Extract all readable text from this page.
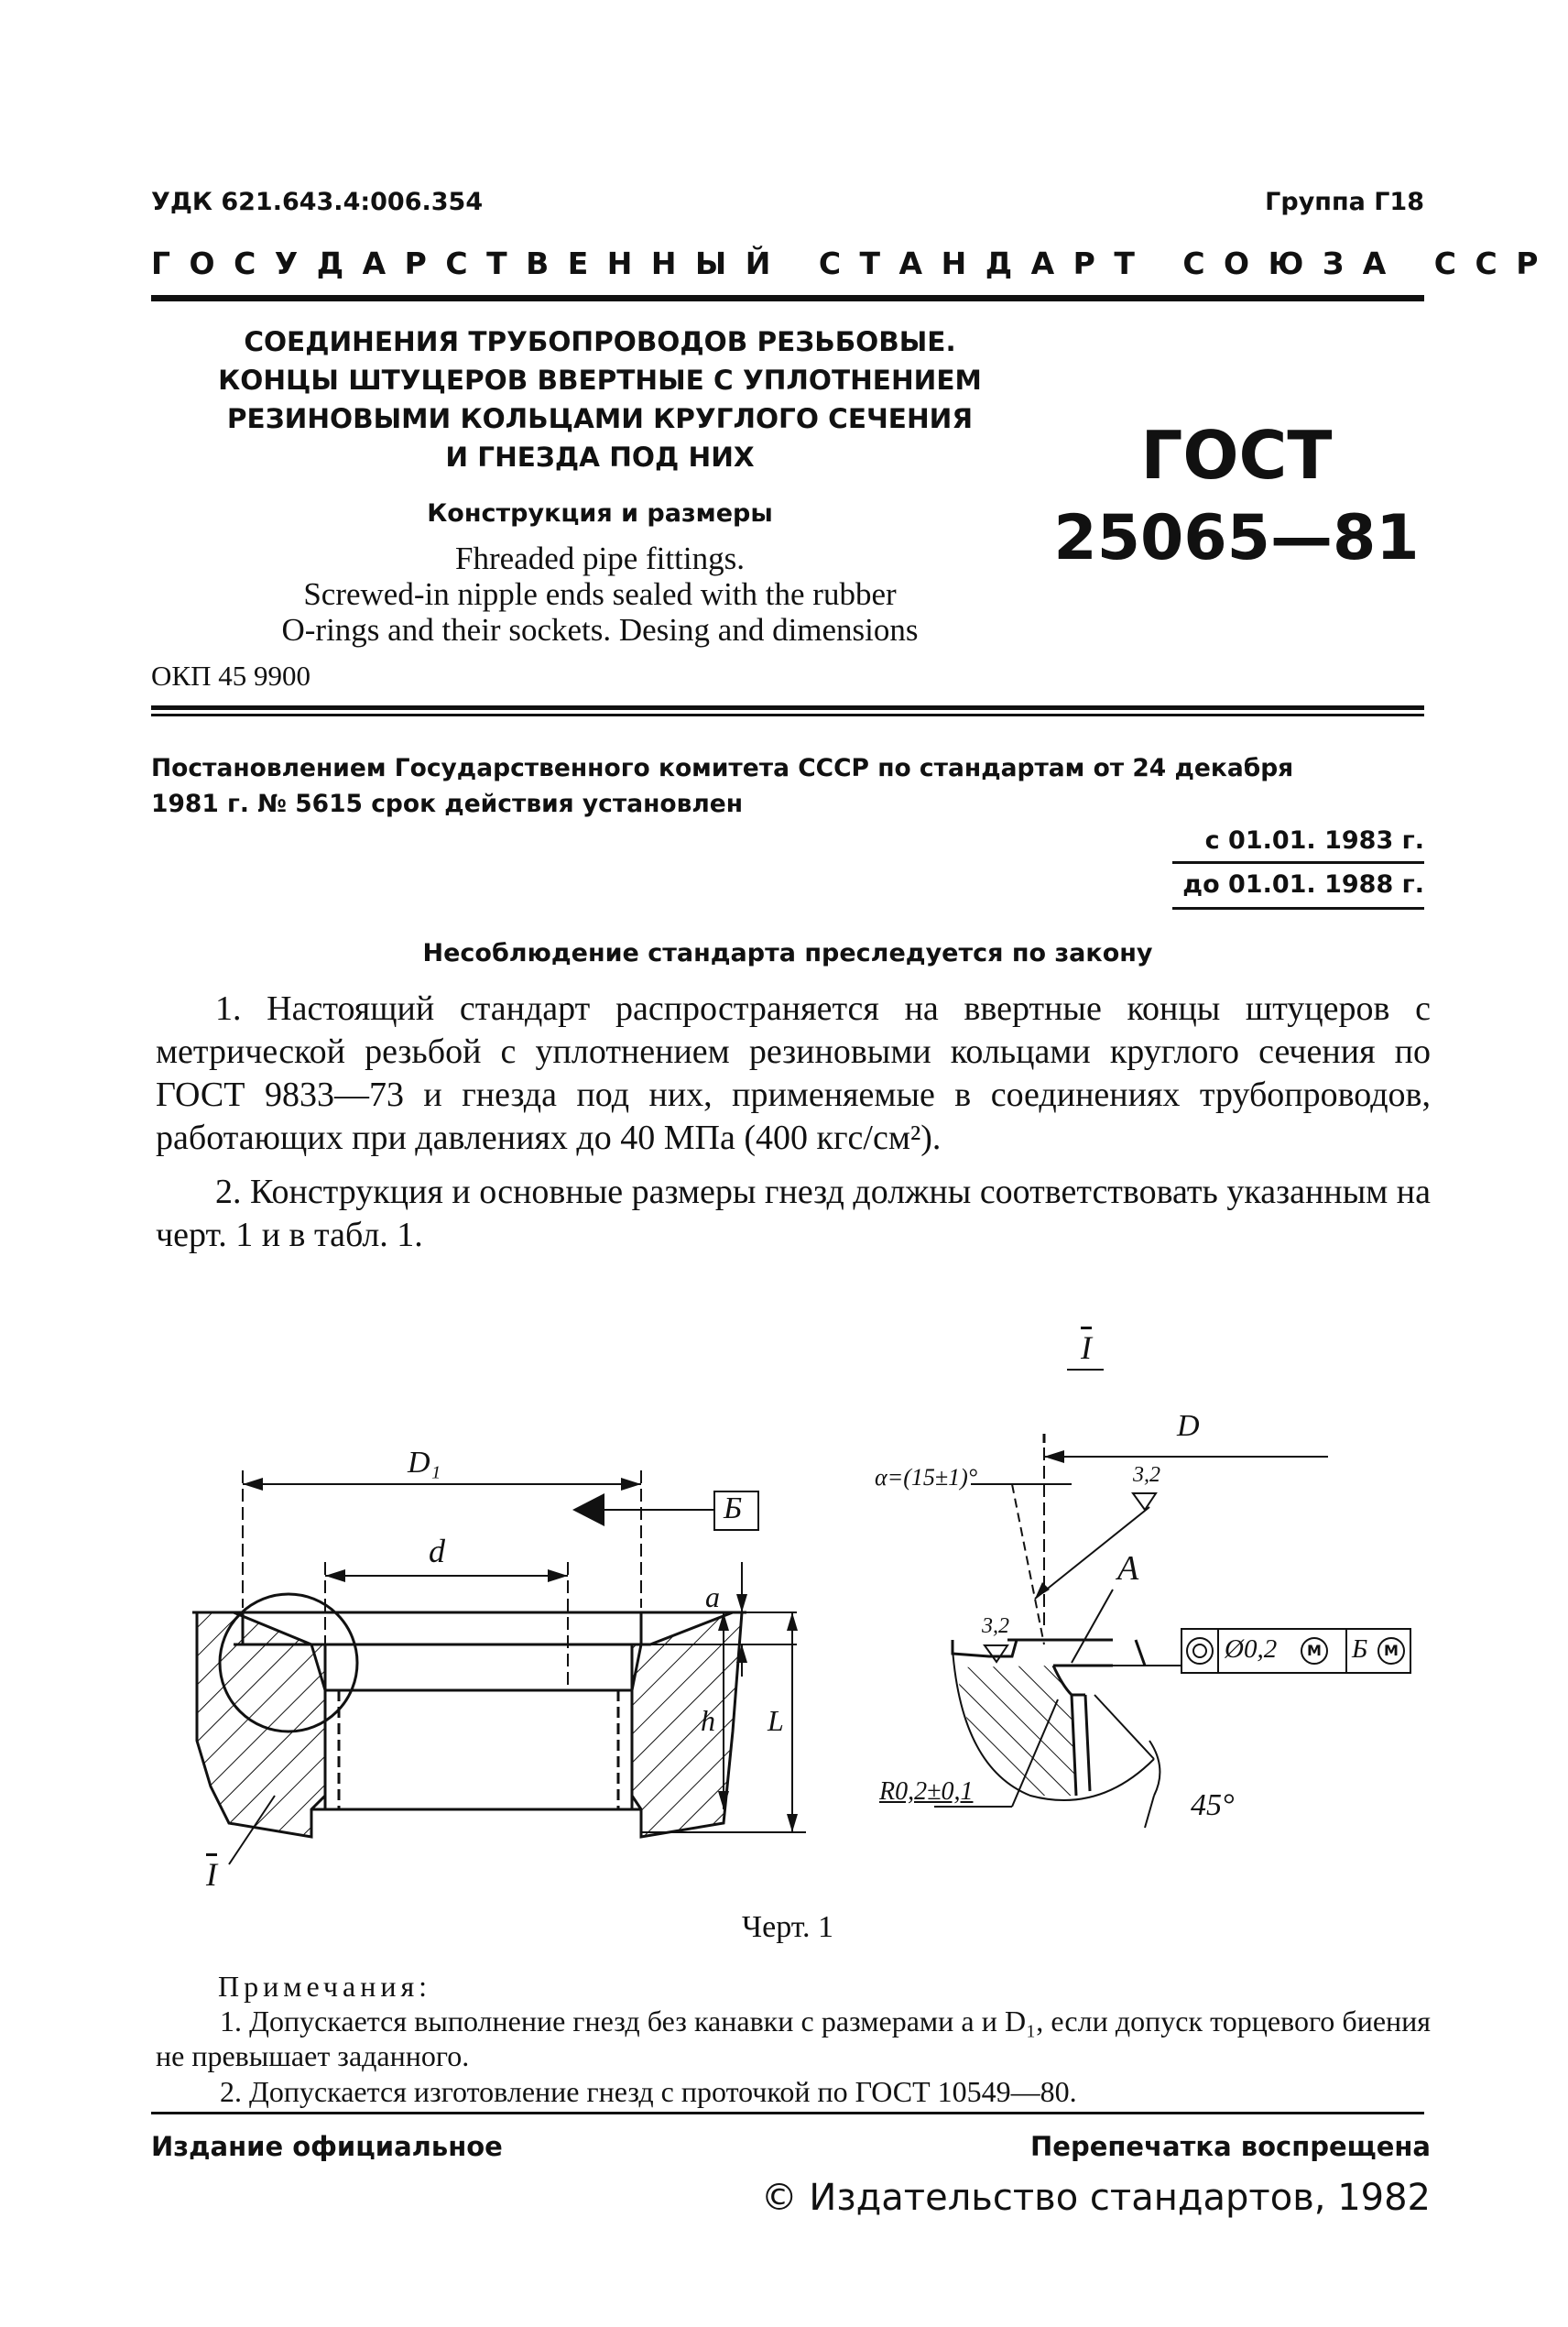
УДК 621.643.4:006.354	Группа Г18
ГОСУДАРСТВЕННЫЙ СТАНДАРТ СОЮЗА ССР
СОЕДИНЕНИЯ ТРУБОПРОВОДОВ РЕЗЬБОВЫЕ.
КОНЦЫ ШТУЦЕРОВ ВВЕРТНЫЕ С УПЛОТНЕНИЕМ
РЕЗИНОВЫМИ КОЛЬЦАМИ КРУГЛОГО СЕЧЕНИЯ
И ГНЕЗДА ПОД НИХ
Конструкция и размеры
Fhreaded pipe fittings.
Screwed-in nipple ends sealed with the rubber
O-rings and their sockets. Desing and dimensions
ОКП 45 9900
ГОСТ
25065—81
Постановлением Государственного комитета СССР по стандартам от 24 декабря
1981 г. № 5615 срок действия установлен
с 01.01. 1983 г.
до 01.01. 1988 г.
Несоблюдение стандарта преследуется по закону

1. Настоящий стандарт распространяется на ввертные концы штуцеров с метрической резьбой с уплотнением резиновыми кольцами круглого сечения по ГОСТ 9833—73 и гнезда под них, применяемые в соединениях трубопроводов, работающих при давлениях до 40 МПа (400 кгс/см²).

2. Конструкция и основные размеры гнезд должны соответствовать указанным на черт. 1 и в табл. 1.

D₁
d
Б
a
h L
$\overline{I}$
$\overline{I}$
D
α=(15±1)°	3,2
3,2
A
Ø0,2	M Б	M
R0,2±0,1	45°
Черт. 1
Примечания:
1. Допускается выполнение гнезд без канавки с размерами a и D₁, если допуск торцевого биения не превышает заданного.
2. Допускается изготовление гнезд с проточкой по ГОСТ 10549—80.
Издание официальное	Перепечатка воспрещена
© Издательство стандартов, 1982
